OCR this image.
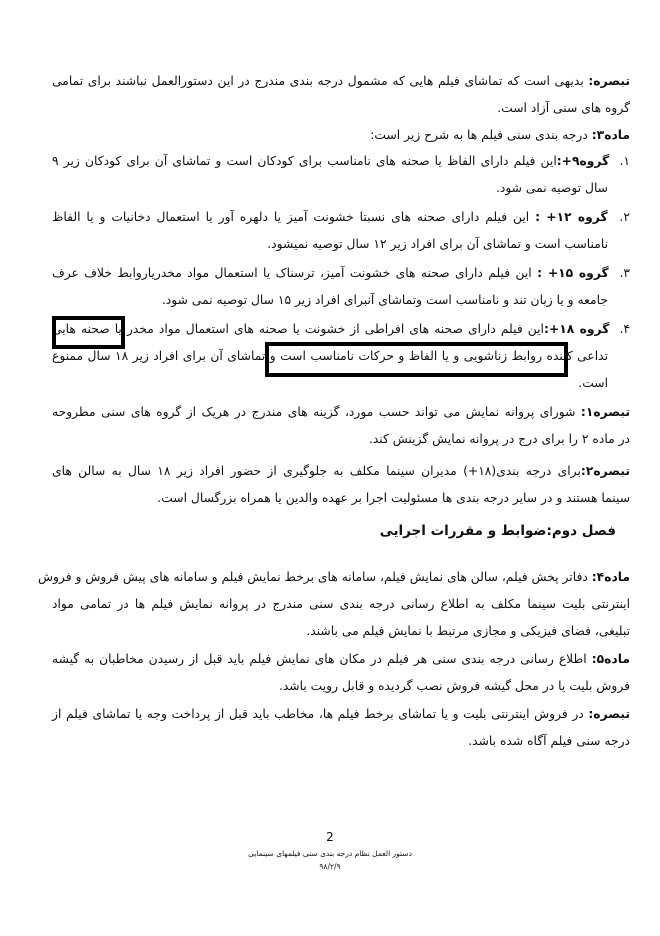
تبصره: بدیهی است که تماشای فیلم هایی که مشمول درجه بندی مندرج در این دستورالعمل نباشند برای تمامی
گروه های سنی آزاد است.
ماده۳: درجه بندی سنی فیلم ها به شرح زیر است:
۱.  گروه۹+:این فیلم دارای الفاظ یا صحنه های نامناسب برای کودکان است و تماشای آن برای کودکان زیر ۹
سال توصیه نمی شود.
۲.  گروه ۱۲+ : این فیلم دارای صحنه های نسبتا خشونت آمیز یا دلهره آور یا استعمال دخانیات و یا الفاظ
نامناسب است و تماشای آن برای افراد زیر ۱۲ سال توصیه نمیشود.
۳.  گروه ۱۵+ : این فیلم دارای صحنه های خشونت آمیز، ترسناک یا استعمال مواد مخدریاروابط خلاف عرف
جامعه و یا زبان تند و نامناسب است وتماشای آنبرای افراد زیر ۱۵ سال توصیه نمی شود.
۴.  گروه ۱۸+:این فیلم دارای صحنه های افراطی از خشونت یا صحنه های استعمال مواد مخدر یا صحنه هایی
تداعی کننده روابط زناشویی و یا الفاظ و حرکات نامناسب است و تماشای آن برای افراد زیر ۱۸ سال ممنوع
است.
تبصره۱: شورای پروانه نمایش می تواند حسب مورد، گزینه های مندرج در هریک از گروه های سنی مطروحه
در ماده ۲ را برای درج در پروانه نمایش گزینش کند.
تبصره۲:برای درجه بندی(۱۸+) مدیران سینما مکلف به جلوگیری از حضور افراد زیر ۱۸ سال به سالن های
سینما هستند و در سایر درجه بندی ها مسئولیت اجرا بر عهده والدین یا همراه بزرگسال است.
فصل دوم:ضوابط و مقررات اجرایی
ماده۴: دفاتر پخش فیلم، سالن های نمایش فیلم، سامانه های برخط نمایش فیلم و سامانه های پیش فروش و فروش
اینترنتی بلیت سینما مکلف به اطلاع رسانی درجه بندی سنی مندرج در پروانه نمایش فیلم ها در تمامی مواد
تبلیغی، فضای فیزیکی و مجازی مرتبط با نمایش فیلم می باشند.
ماده۵: اطلاع رسانی درجه بندی سنی هر فیلم در مکان های نمایش فیلم باید قبل از رسیدن مخاطبان به گیشه
فروش بلیت یا در محل گیشه فروش نصب گردیده و قابل رویت باشد.
تبصره: در فروش اینترنتی بلیت و یا تماشای برخط فیلم ها، مخاطب باید قبل از پرداخت وجه یا تماشای فیلم از
درجه سنی فیلم آگاه شده باشد.
2
دستور العمل نظام درجه بندی سنی فیلمهای سینمایی
۹۸/۲/۹
